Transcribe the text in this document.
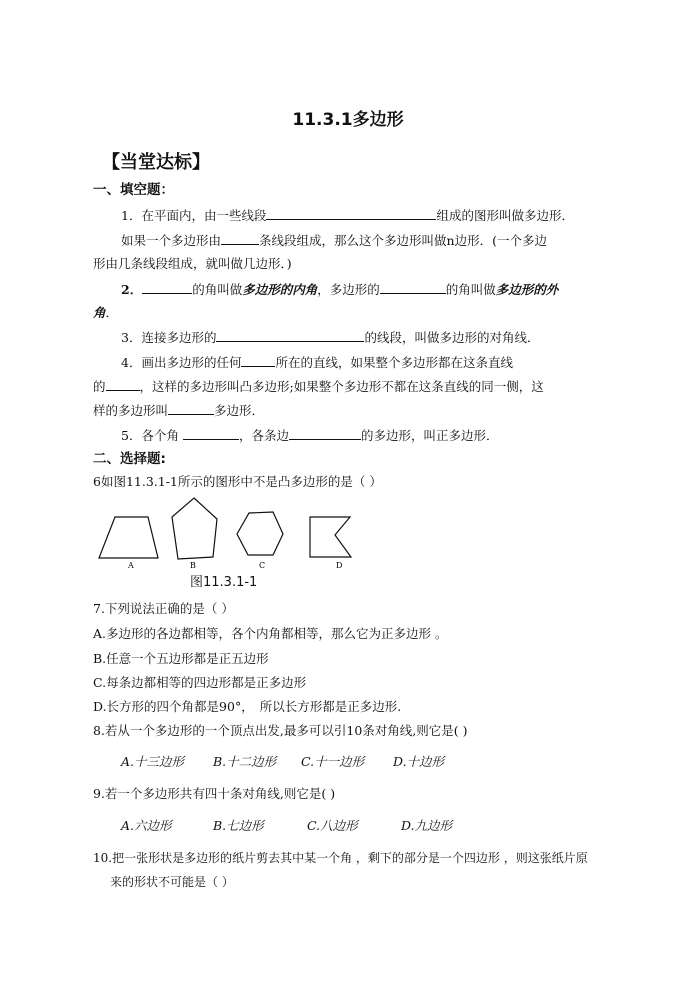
11.3.1多边形
【当堂达标】
一、填空题：
1．在平面内，由一些线段	组成的图形叫做多边形．
如果一个多边形由	条线段组成，那么这个多边形叫做n边形．(一个多边
形由几条线段组成，就叫做几边形．)
2．	的角叫做多边形的内角，多边形的	的角叫做多边形的外
角．
3．连接多边形的	的线段，叫做多边形的对角线．
4．画出多边形的任何	所在的直线，如果整个多边形都在这条直线
的	，这样的多边形叫凸多边形;如果整个多边形不都在这条直线的同一侧，这
样的多边形叫	多边形．
5．各个角	，各条边	的多边形，叫正多边形．
二、选择题:
6如图11.3.1-1所示的图形中不是凸多边形的是（ ）
A	B	C	D
图11.3.1-1
7.下列说法正确的是（ ）
A.多边形的各边都相等，各个内角都相等，那么它为正多边形 。
B.任意一个五边形都是正五边形
C.每条边都相等的四边形都是正多边形
D.长方形的四个角都是90°， 所以长方形都是正多边形.
8.若从一个多边形的一个顶点出发,最多可以引10条对角线,则它是( )
A.十三边形 B.十二边形 C.十一边形 D.十边形
9.若一个多边形共有四十条对角线,则它是( )
A.六边形	B.七边形	C.八边形	D.九边形
10.把一张形状是多边形的纸片剪去其中某一个角 ，剩下的部分是一个四边形 ，则这张纸片原
来的形状不可能是（ ）
